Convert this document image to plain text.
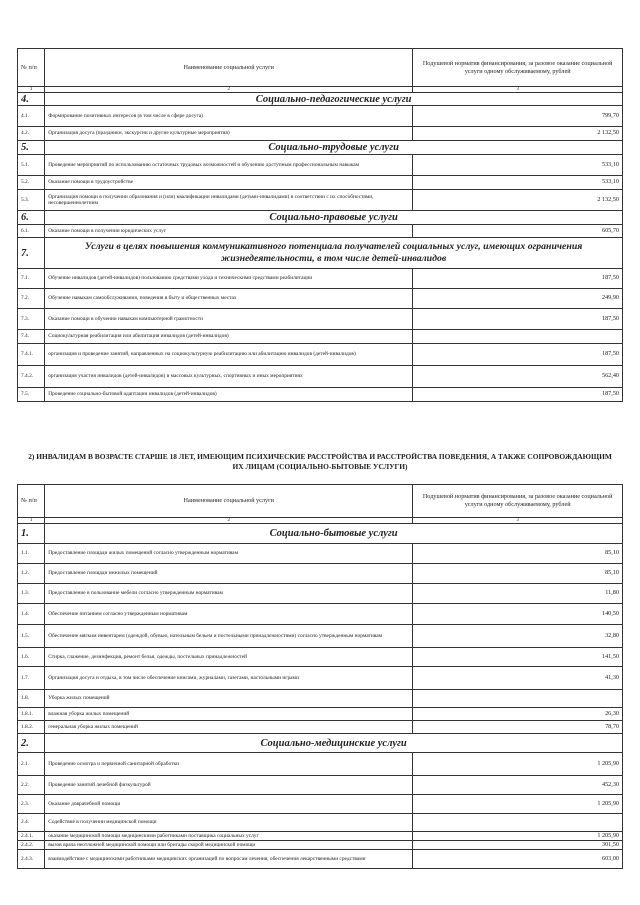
№ п/п	Наименование социальной услуги	Подушевой норматив финансирования, за разовое оказание социальной услуги одному обслуживаемому, рублей
1	2	3
4.	Социально-педагогические услуги	
4.1.	Формирование позитивных интересов (в том числе в сфере досуга)	799,70
4.2.	Организация досуга (праздники, экскурсии и другие культурные мероприятия)	2 132,50
5.	Социально-трудовые услуги	
5.1.	Проведение мероприятий по использованию остаточных трудовых возможностей и обучению доступным профессиональным навыкам	533,10
5.2.	Оказание помощи в трудоустройстве	533,10
5.3.	Организация помощи в получении образования и (или) квалификации инвалидами (детьми-инвалидами) в соответствии с их способностями, несовершеннолетним	2 132,50
6.	Социально-правовые услуги	
6.1.	Оказание помощи в получении юридических услуг	605,70
7.	Услуги в целях повышения коммуникативного потенциала получателей социальных услуг, имеющих ограничения жизнедеятельности, в том числе детей-инвалидов	
7.1.	Обучение инвалидов (детей-инвалидов) пользованию средствами ухода и техническими средствами реабилитации	187,50
7.2.	Обучение навыкам самообслуживания, поведения в быту и общественных местах	249,90
7.3.	Оказание помощи в обучении навыкам компьютерной грамотности	187,50
7.4.	Социокультурная реабилитация или абилитация инвалидов (детей-инвалидов)	
7.4.1.	организация и проведение занятий, направленных на социокультурную реабилитацию или абилитацию инвалидов (детей-инвалидов)	187,50
7.4.2.	организация участия инвалидов (детей-инвалидов) в массовых культурных, спортивных и иных мероприятиях	562,40
7.5.	Проведение социально-бытовой адаптации инвалидов (детей-инвалидов)	187,50
2) ИНВАЛИДАМ В ВОЗРАСТЕ СТАРШЕ 18 ЛЕТ, ИМЕЮЩИМ ПСИХИЧЕСКИЕ РАССТРОЙСТВА И РАССТРОЙСТВА ПОВЕДЕНИЯ, А ТАКЖЕ СОПРОВОЖДАЮЩИМ ИХ ЛИЦАМ (СОЦИАЛЬНО-БЫТОВЫЕ УСЛУГИ)
№ п/п	Наименование социальной услуги	Подушевой норматив финансирования, за разовое оказание социальной услуги одному обслуживаемому, рублей
1	2	3
1.	Социально-бытовые услуги	
1.1.	Предоставление площади жилых помещений согласно утвержденным нормативам	85,10
1.2.	Предоставление площади нежилых помещений	85,10
1.3.	Предоставление в пользование мебели согласно утвержденным нормативам	11,80
1.4.	Обеспечение питанием согласно утвержденным нормативам	140,50
1.5.	Обеспечение мягким инвентарем (одеждой, обувью, нательным бельем и постельными принадлежностями) согласно утвержденным нормативам	32,80
1.6.	Стирка, глажение, дезинфекция, ремонт белья, одежды, постельных принадлежностей	141,50
1.7.	Организация досуга и отдыха, в том числе обеспечение книгами, журналами, газетами, настольными играми	41,30
1.8.	Уборка жилых помещений	
1.8.1.	влажная уборка жилых помещений	26,30
1.8.2.	генеральная уборка жилых помещений	78,70
2.	Социально-медицинские услуги	
2.1.	Проведение осмотра и первичной санитарной обработки	1 205,90
2.2.	Проведение занятий лечебной физкультурой	452,30
2.3.	Оказание доврачебной помощи	1 205,90
2.4.	Содействие в получении медицинской помощи	
2.4.1.	оказание медицинской помощи медицинскими работниками поставщика социальных услуг	1 205,90
2.4.2.	вызов врача неотложной медицинской помощи или бригады скорой медицинской помощи	301,50
2.4.3.	взаимодействие с медицинскими работниками медицинских организаций по вопросам лечения, обеспечения лекарственными средствами	603,00
